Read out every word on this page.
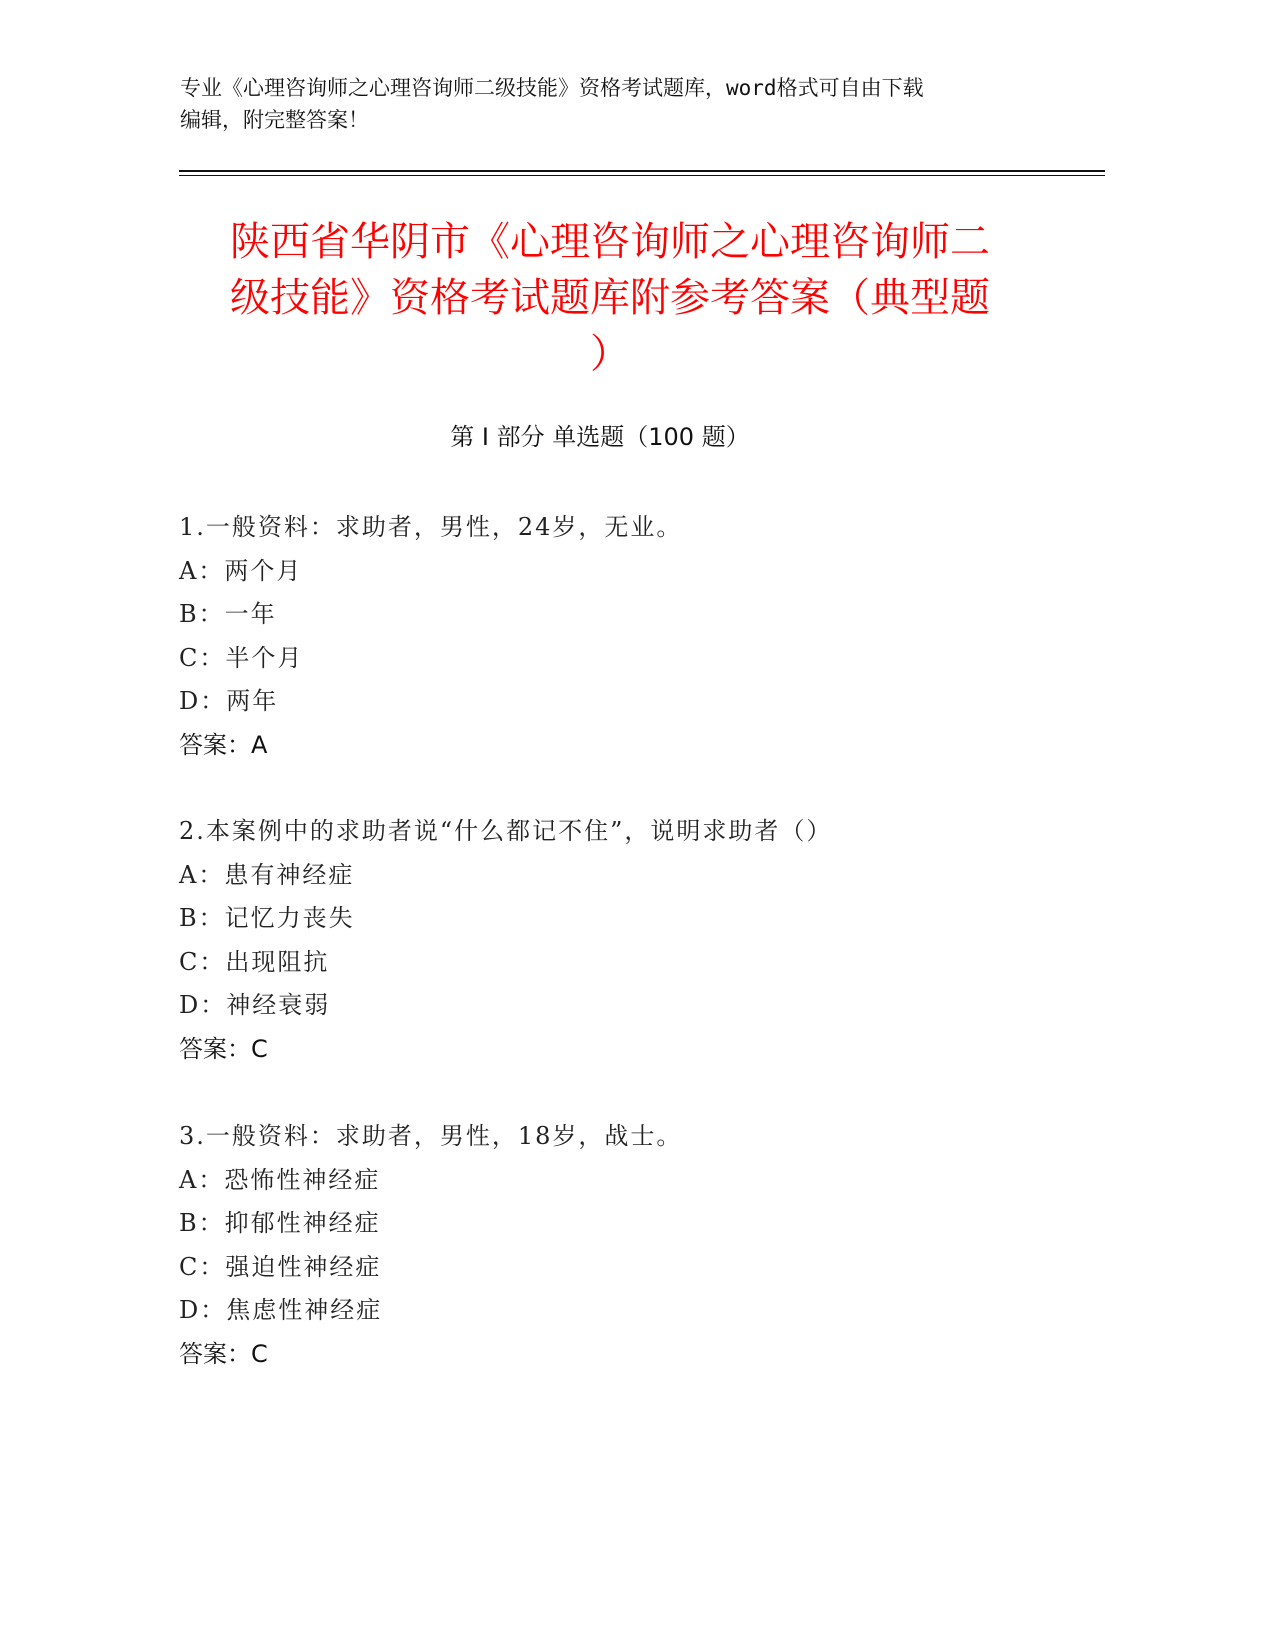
专业《心理咨询师之心理咨询师二级技能》资格考试题库，word格式可自由下载
编辑，附完整答案！
陕西省华阴市《心理咨询师之心理咨询师二
级技能》资格考试题库附参考答案（典型题
）
第 I 部分 单选题（100 题）

1.一般资料：求助者，男性，24岁，无业。

A：两个月

B：一年

C：半个月

D：两年

答案：A

2.本案例中的求助者说“什么都记不住”，说明求助者（）

A：患有神经症

B：记忆力丧失

C：出现阻抗

D：神经衰弱

答案：C

3.一般资料：求助者，男性，18岁，战士。

A：恐怖性神经症

B：抑郁性神经症

C：强迫性神经症

D：焦虑性神经症

答案：C
